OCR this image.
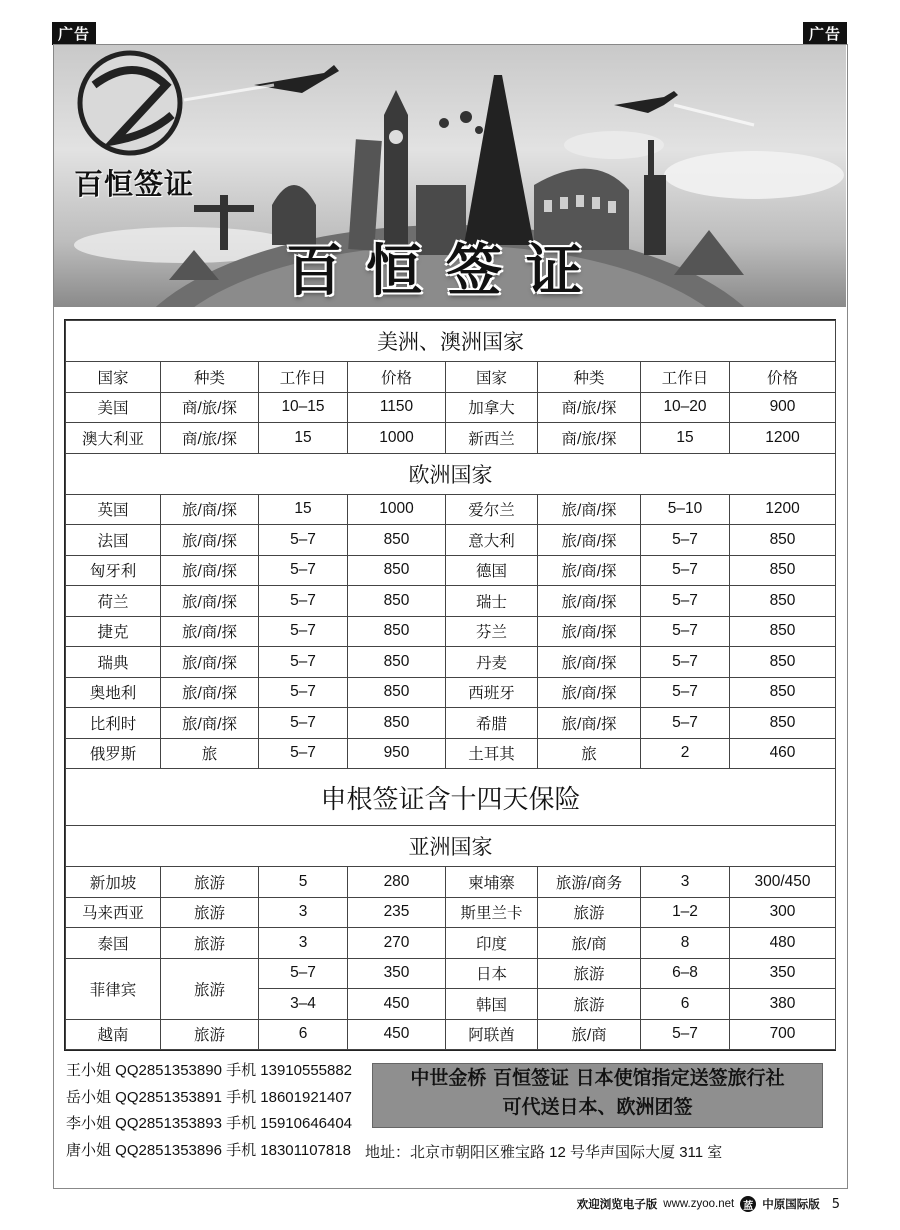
广告	广告
百恒签证
百恒签证
美洲、澳洲国家							
国家	种类	工作日	价格	国家	种类	工作日	价格
美国	商/旅/探	10–15	1150	加拿大	商/旅/探	10–20	900
澳大利亚	商/旅/探	15	1000	新西兰	商/旅/探	15	1200
欧洲国家							
英国	旅/商/探	15	1000	爱尔兰	旅/商/探	5–10	1200
法国	旅/商/探	5–7	850	意大利	旅/商/探	5–7	850
匈牙利	旅/商/探	5–7	850	德国	旅/商/探	5–7	850
荷兰	旅/商/探	5–7	850	瑞士	旅/商/探	5–7	850
捷克	旅/商/探	5–7	850	芬兰	旅/商/探	5–7	850
瑞典	旅/商/探	5–7	850	丹麦	旅/商/探	5–7	850
奥地利	旅/商/探	5–7	850	西班牙	旅/商/探	5–7	850
比利时	旅/商/探	5–7	850	希腊	旅/商/探	5–7	850
俄罗斯	旅	5–7	950	土耳其	旅	2	460
申根签证含十四天保险							
亚洲国家							
新加坡	旅游	5	280	柬埔寨	旅游/商务	3	300/450
马来西亚	旅游	3	235	斯里兰卡	旅游	1–2	300
泰国	旅游	3	270	印度	旅/商	8	480
菲律宾	旅游	5–7	350	日本	旅游	6–8	350
		3–4	450	韩国	旅游	6	380
越南	旅游	6	450	阿联酋	旅/商	5–7	700
王小姐 QQ2851353890 手机 13910555882
岳小姐 QQ2851353891 手机 18601921407
李小姐 QQ2851353893 手机 15910646404
唐小姐 QQ2851353896 手机 18301107818
中世金桥 百恒签证 日本使馆指定送签旅行社
可代送日本、欧洲团签
地址：北京市朝阳区雅宝路 12 号华声国际大厦 311 室
欢迎浏览电子版 www.zyoo.net 蓝 中原国际版 5
